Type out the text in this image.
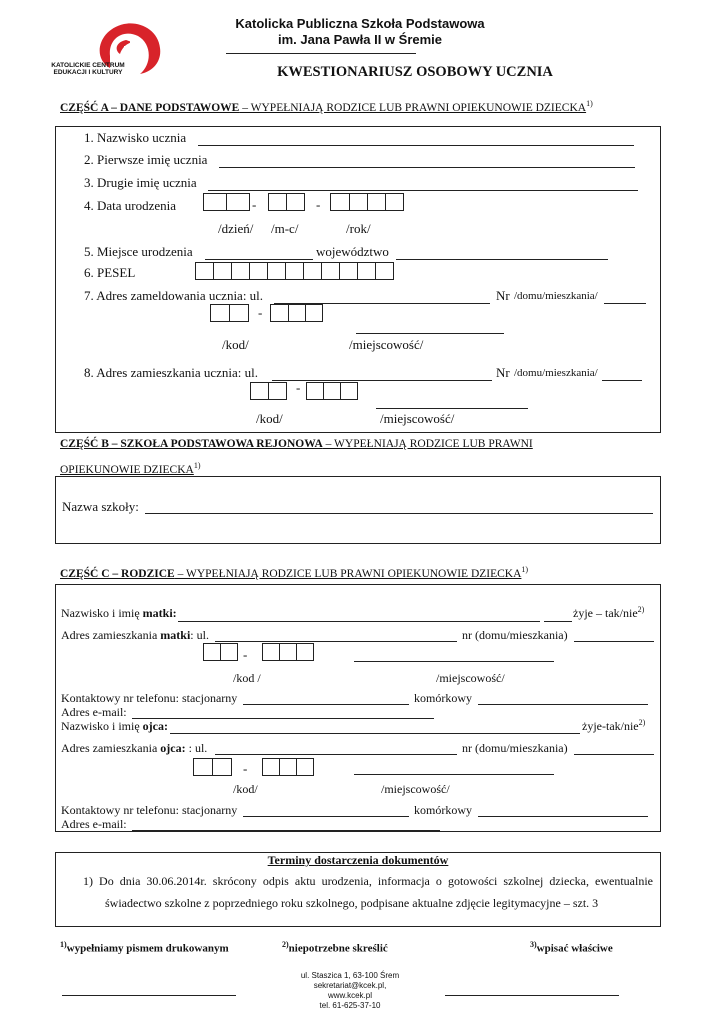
KATOLICKIE CENTRUM
EDUKACJI I KULTURY
Katolicka Publiczna Szkoła Podstawowa
im. Jana Pawła II w Śremie
KWESTIONARIUSZ OSOBOWY UCZNIA
CZĘŚĆ A – DANE PODSTAWOWE – WYPEŁNIAJĄ RODZICE LUB PRAWNI OPIEKUNOWIE DZIECKA$^{1)}$
1. Nazwisko ucznia
2. Pierwsze imię ucznia
3. Drugie imię ucznia
4. Data urodzenia	-	-
/dzień/ /m-c/	/rok/
5. Miejsce urodzenia	województwo
6. PESEL
7. Adres zameldowania ucznia: ul.	Nr /domu/mieszkania/
-
/kod/	/miejscowość/
8. Adres zamieszkania ucznia: ul.	Nr /domu/mieszkania/
-
/kod/	/miejscowość/
CZĘŚĆ B – SZKOŁA PODSTAWOWA REJONOWA – WYPEŁNIAJĄ RODZICE LUB PRAWNI
OPIEKUNOWIE DZIECKA$^{1)}$
Nazwa szkoły:
CZĘŚĆ C – RODZICE – WYPEŁNIAJĄ RODZICE LUB PRAWNI OPIEKUNOWIE DZIECKA$^{1)}$
Nazwisko i imię matki:	żyje – tak/nie$^{2)}$
Adres zamieszkania matki: ul.	nr (domu/mieszkania)
-
/kod /	/miejscowość/
Kontaktowy nr telefonu: stacjonarny	komórkowy
Adres e-mail:
Nazwisko i imię ojca:	żyje-tak/nie$^{2)}$
Adres zamieszkania ojca: : ul.	nr (domu/mieszkania)
-
/kod/	/miejscowość/
Kontaktowy nr telefonu: stacjonarny	komórkowy
Adres e-mail:
Terminy dostarczenia dokumentów
1) Do dnia 30.06.2014r. skrócony odpis aktu urodzenia, informacja o gotowości szkolnej dziecka, ewentualnie
świadectwo szkolne z poprzedniego roku szkolnego, podpisane aktualne zdjęcie legitymacyjne – szt. 3
$^{1)}$wypełniamy pismem drukowanym	$^{2)}$niepotrzebne skreślić	$^{3)}$wpisać właściwe
ul. Staszica 1, 63-100 Śrem
sekretariat@kcek.pl,
www.kcek.pl
tel. 61-625-37-10
